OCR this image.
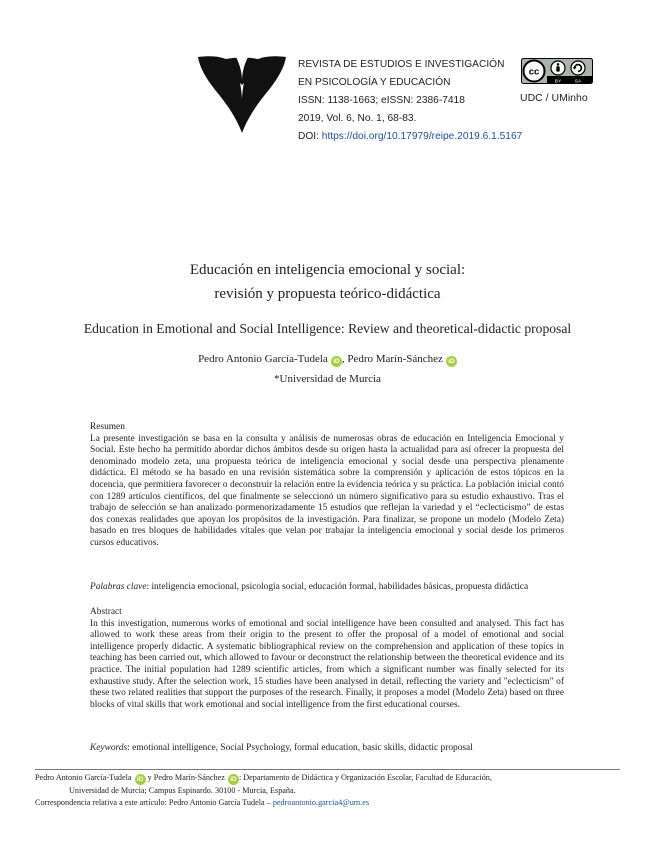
REVISTA DE ESTUDIOS E INVESTIGACIÓN
EN PSICOLOGÍA Y EDUCACIÓN
ISSN: 1138-1663; eISSN: 2386-7418
2019, Vol. 6, No. 1, 68-83.
DOI: https://doi.org/10.17979/reipe.2019.6.1.5167
cc
BY	SA
UDC / UMinho
Educación en inteligencia emocional y social:
revisión y propuesta teórico-didáctica
Education in Emotional and Social Intelligence: Review and theoretical-didactic proposal
Pedro Antonio García-Tudela iD , Pedro Marín-Sánchez iD
*Universidad de Murcia
Resumen
La presente investigación se basa en la consulta y análisis de numerosas obras de educación en Inteligencia Emocional y Social. Este hecho ha permitido abordar dichos ámbitos desde su origen hasta la actualidad para así ofrecer la propuesta del denominado modelo zeta, una propuesta teórica de inteligencia emocional y social desde una perspectiva plenamente didáctica. El método se ha basado en una revisión sistemática sobre la comprensión y aplicación de estos tópicos en la docencia, que permitiera favorecer o deconstruir la relación entre la evidencia teórica y su práctica. La población inicial contó con 1289 artículos científicos, del que finalmente se seleccionó un número significativo para su estudio exhaustivo. Tras el trabajo de selección se han analizado pormenorizadamente 15 estudios que reflejan la variedad y el “eclecticismo” de estas dos conexas realidades que apoyan los propósitos de la investigación. Para finalizar, se propone un modelo (Modelo Zeta) basado en tres bloques de habilidades vitales que velan por trabajar la inteligencia emocional y social desde los primeros cursos educativos.
Palabras clave: inteligencia emocional, psicología social, educación formal, habilidades básicas, propuesta didáctica
Abstract
In this investigation, numerous works of emotional and social intelligence have been consulted and analysed. This fact has allowed to work these areas from their origin to the present to offer the proposal of a model of emotional and social intelligence properly didactic. A systematic bibliographical review on the comprehension and application of these topics in teaching has been carried out, which allowed to favour or deconstruct the relationship between the theoretical evidence and its practice. The initial population had 1289 scientific articles, from which a significant number was finally selected for its exhaustive study. After the selection work, 15 studies have been analysed in detail, reflecting the variety and "eclecticism" of these two related realities that support the purposes of the research. Finally, it proposes a model (Modelo Zeta) based on three blocks of vital skills that work emotional and social intelligence from the first educational courses.
Keywords: emotional intelligence, Social Psychology, formal education, basic skills, didactic proposal
Pedro Antonio García-Tudela iD y Pedro Marín-Sánchez iD : Departamento de Didáctica y Organización Escolar, Facultad de Educación,
Universidad de Murcia; Campus Espinardo. 30100 - Murcia, España.
Correspondencia relativa a este artículo: Pedro Antonio García Tudela – pedroantonio.garcia4@um.es
